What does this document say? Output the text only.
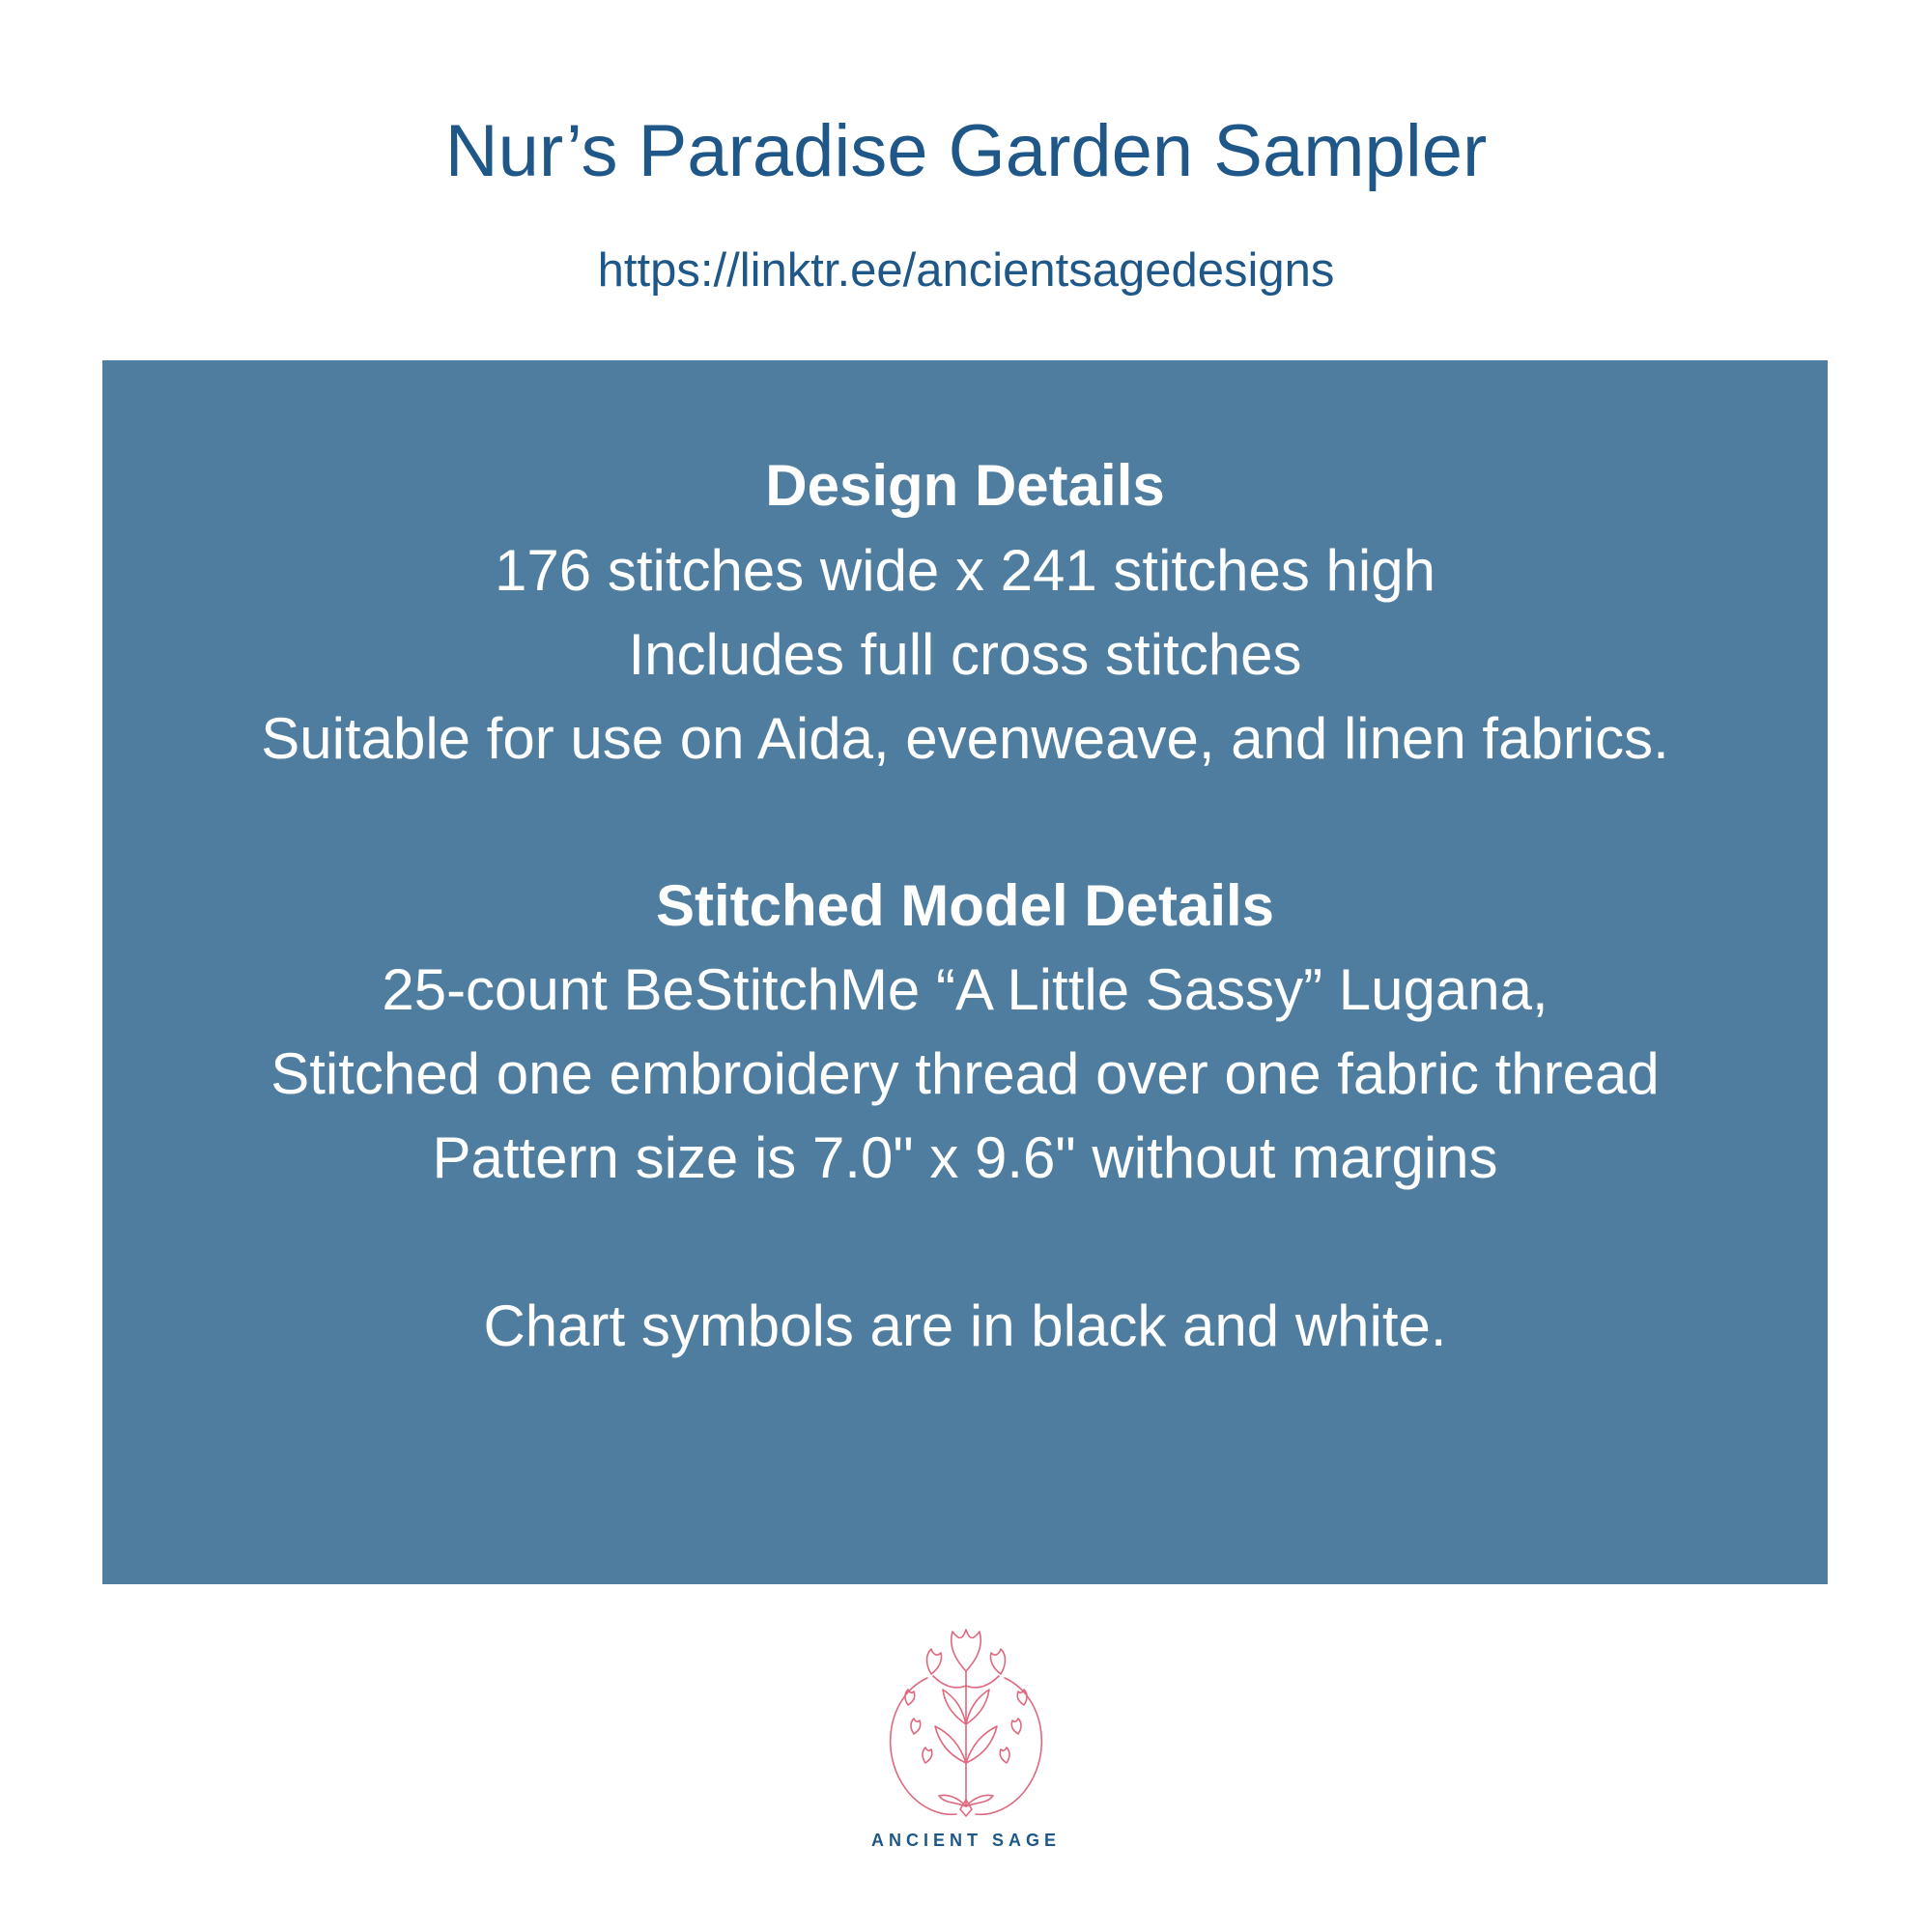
Nur’s Paradise Garden Sampler
https://linktr.ee/ancientsagedesigns
Design Details
176 stitches wide x 241 stitches high
Includes full cross stitches
Suitable for use on Aida, evenweave, and linen fabrics.
Stitched Model Details
25-count BeStitchMe “A Little Sassy” Lugana,
Stitched one embroidery thread over one fabric thread
Pattern size is 7.0" x 9.6" without margins
Chart symbols are in black and white.
ANCIENT SAGE
